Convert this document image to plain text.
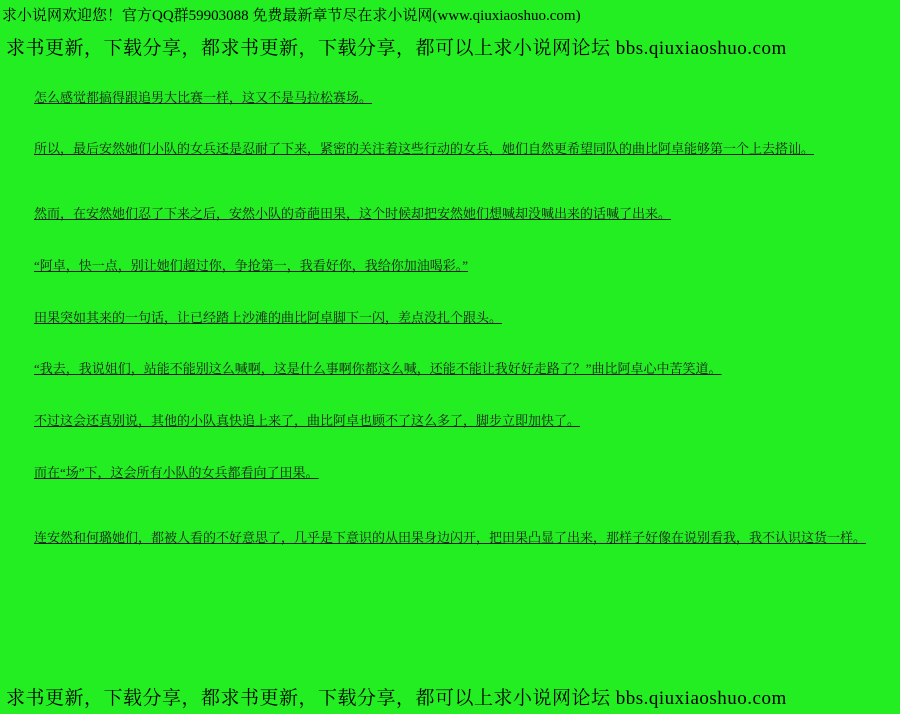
求小说网欢迎您！官方QQ群59903088 免费最新章节尽在求小说网(www.qiuxiaoshuo.com)
求书更新，下载分享，都求书更新，下载分享，都可以上求小说网论坛 bbs.qiuxiaoshuo.com

怎么感觉都搞得跟追男大比赛一样，这又不是马拉松赛场。

所以，最后安然她们小队的女兵还是忍耐了下来，紧密的关注着这些行动的女兵，她们自然更希望同队的曲比阿卓能够第一个上去搭讪。

然而，在安然她们忍了下来之后，安然小队的奇葩田果，这个时候却把安然她们想喊却没喊出来的话喊了出来。

“阿卓，快一点，别让她们超过你，争抢第一，我看好你，我给你加油喝彩。”

田果突如其来的一句话，让已经踏上沙滩的曲比阿卓脚下一闪，差点没扎个跟头。

“我去，我说姐们，站能不能别这么喊啊，这是什么事啊你都这么喊，还能不能让我好好走路了？”曲比阿卓心中苦笑道。

不过这会还真别说，其他的小队真快追上来了，曲比阿卓也顾不了这么多了，脚步立即加快了。

而在“场”下，这会所有小队的女兵都看向了田果。

连安然和何璐她们，都被人看的不好意思了，几乎是下意识的从田果身边闪开，把田果凸显了出来，那样子好像在说别看我，我不认识这货一样。

求书更新，下载分享，都求书更新，下载分享，都可以上求小说网论坛 bbs.qiuxiaoshuo.com
